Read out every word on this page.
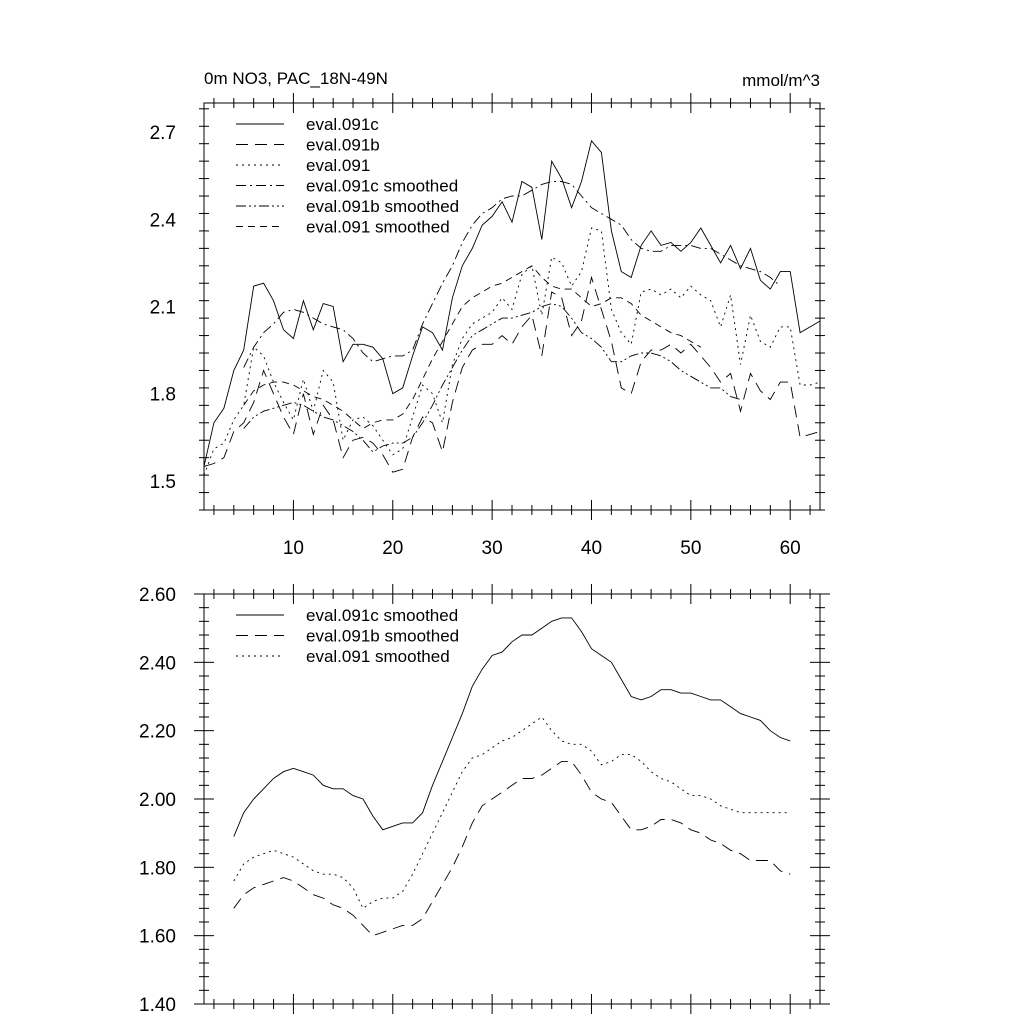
0m NO3, PAC_18N-49N	mmol/m^3
10	20	30	40	50	60
1.5
1.8
2.1
2.4
2.7	eval.091c
eval.091b
eval.091
eval.091c smoothed
eval.091b smoothed
eval.091 smoothed
1.40
1.60
1.80
2.00
2.20
2.40
2.60
eval.091c smoothed
eval.091b smoothed
eval.091 smoothed
